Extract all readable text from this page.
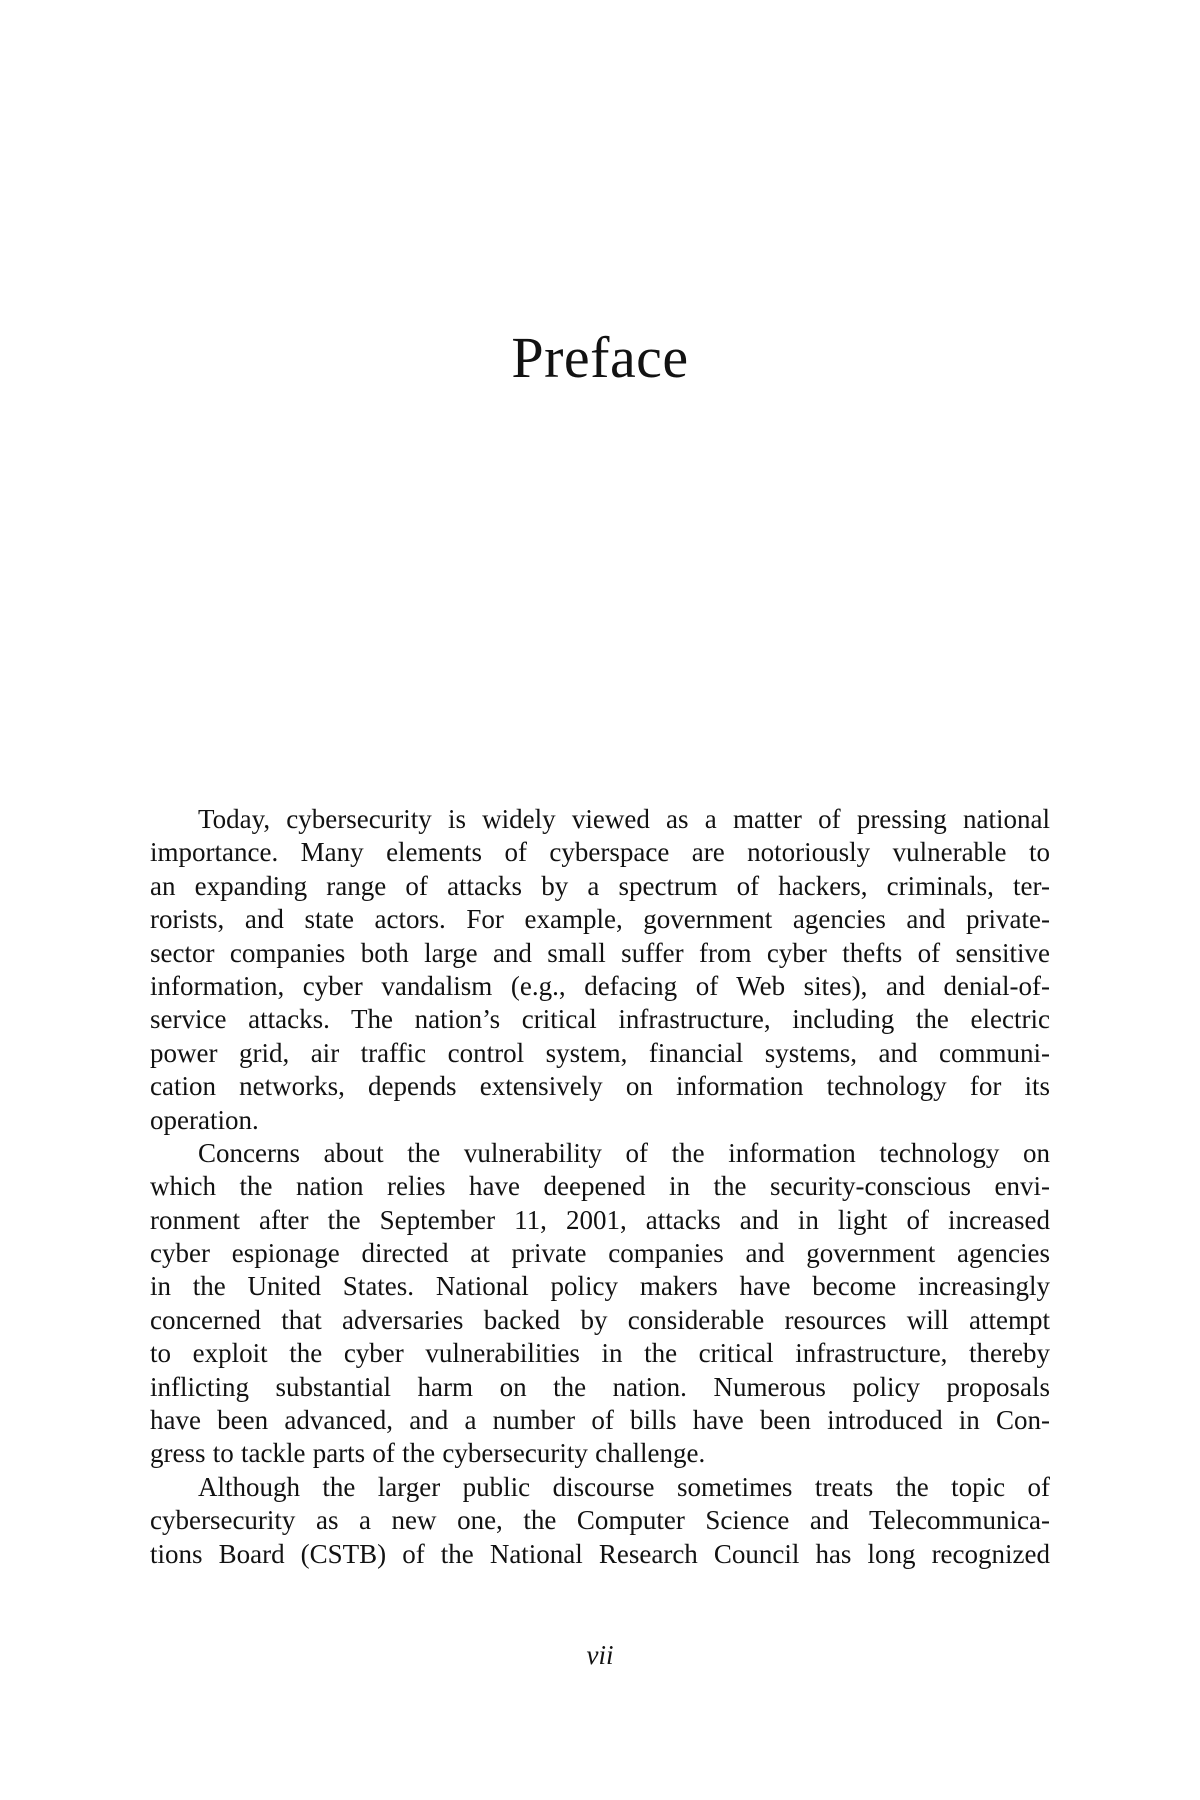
Preface
Today, cybersecurity is widely viewed as a matter of pressing national
importance. Many elements of cyberspace are notoriously vulnerable to
an expanding range of attacks by a spectrum of hackers, criminals, ter-
rorists, and state actors. For example, government agencies and private-
sector companies both large and small suffer from cyber thefts of sensitive
information, cyber vandalism (e.g., defacing of Web sites), and denial-of-
service attacks. The nation’s critical infrastructure, including the electric
power grid, air traffic control system, financial systems, and communi-
cation networks, depends extensively on information technology for its
operation.
Concerns about the vulnerability of the information technology on
which the nation relies have deepened in the security-conscious envi-
ronment after the September 11, 2001, attacks and in light of increased
cyber espionage directed at private companies and government agencies
in the United States. National policy makers have become increasingly
concerned that adversaries backed by considerable resources will attempt
to exploit the cyber vulnerabilities in the critical infrastructure, thereby
inflicting substantial harm on the nation. Numerous policy proposals
have been advanced, and a number of bills have been introduced in Con-
gress to tackle parts of the cybersecurity challenge.
Although the larger public discourse sometimes treats the topic of
cybersecurity as a new one, the Computer Science and Telecommunica-
tions Board (CSTB) of the National Research Council has long recognized
vii
